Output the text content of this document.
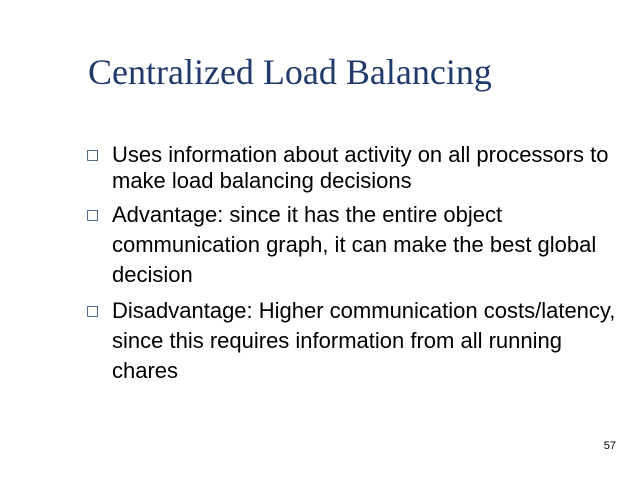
Centralized Load Balancing
□ Uses information about activity on all processors to make load balancing decisions
□ Advantage: since it has the entire object communication graph, it can make the best global decision
□ Disadvantage: Higher communication costs/latency, since this requires information from all running chares
57
